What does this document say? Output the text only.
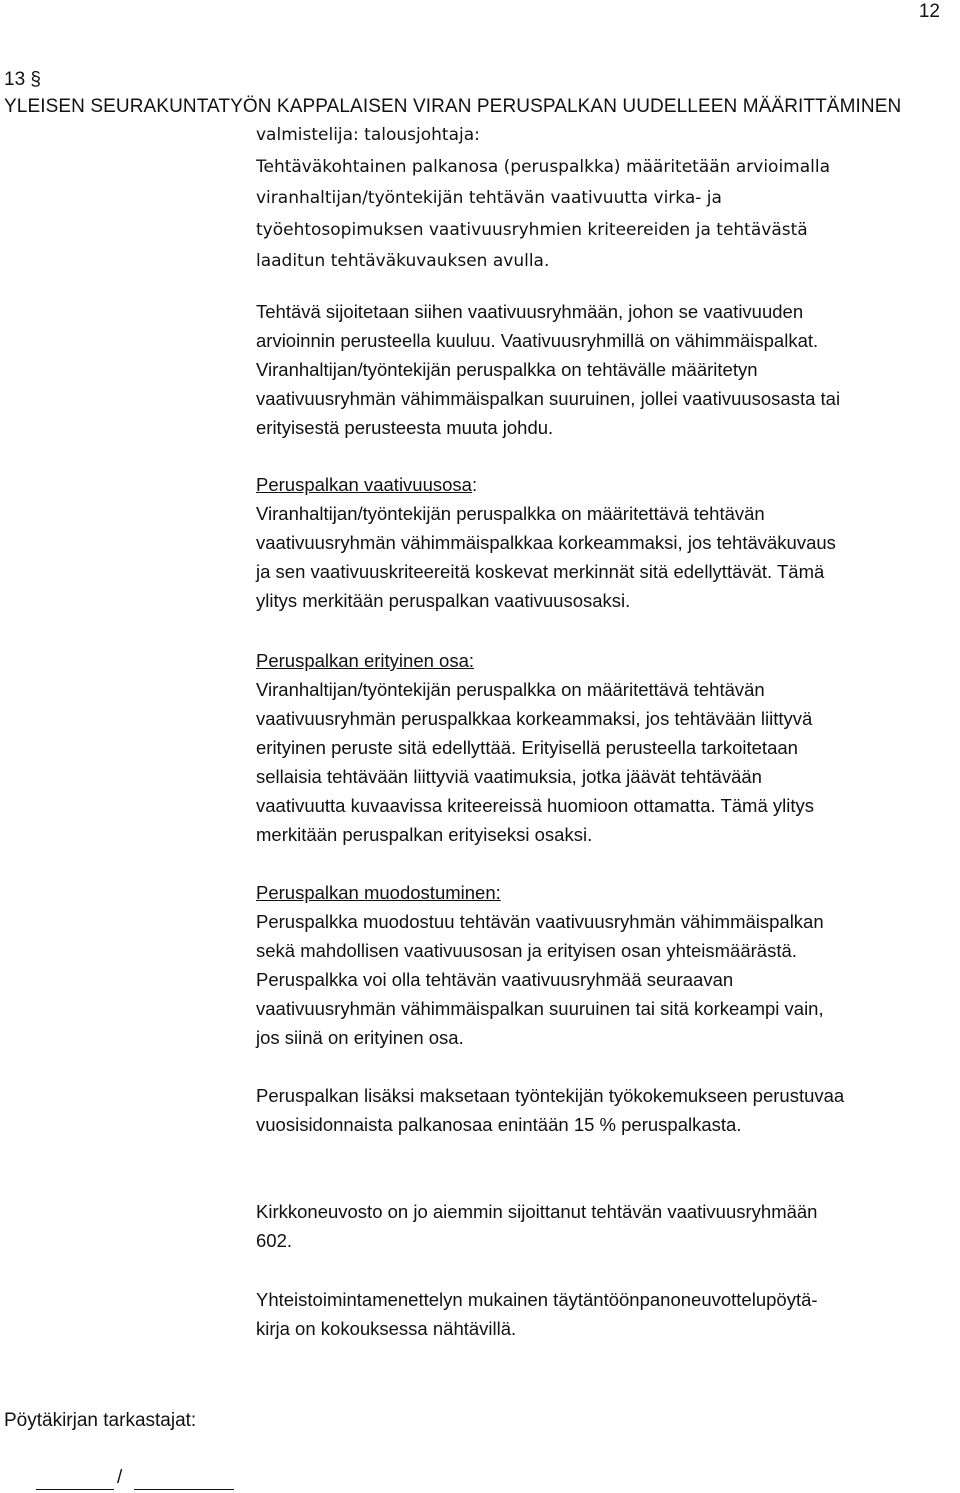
12
13 §
YLEISEN SEURAKUNTATYÖN KAPPALAISEN VIRAN PERUSPALKAN UUDELLEEN MÄÄRITTÄMINEN

valmistelija: talousjohtaja:

Tehtäväkohtainen palkanosa (peruspalkka) määritetään arvioimalla

viranhaltijan/työntekijän tehtävän vaativuutta virka- ja

työehtosopimuksen vaativuusryhmien kriteereiden ja tehtävästä

laaditun tehtäväkuvauksen avulla.

Tehtävä sijoitetaan siihen vaativuusryhmään, johon se vaativuuden

arvioinnin perusteella kuuluu. Vaativuusryhmillä on vähimmäispalkat.

Viranhaltijan/työntekijän peruspalkka on tehtävälle määritetyn

vaativuusryhmän vähimmäispalkan suuruinen, jollei vaativuusosasta tai

erityisestä perusteesta muuta johdu.

Peruspalkan vaativuusosa:

Viranhaltijan/työntekijän peruspalkka on määritettävä tehtävän

vaativuusryhmän vähimmäispalkkaa korkeammaksi, jos tehtäväkuvaus

ja sen vaativuuskriteereitä koskevat merkinnät sitä edellyttävät. Tämä

ylitys merkitään peruspalkan vaativuusosaksi.

Peruspalkan erityinen osa:

Viranhaltijan/työntekijän peruspalkka on määritettävä tehtävän

vaativuusryhmän peruspalkkaa korkeammaksi, jos tehtävään liittyvä

erityinen peruste sitä edellyttää. Erityisellä perusteella tarkoitetaan

sellaisia tehtävään liittyviä vaatimuksia, jotka jäävät tehtävään

vaativuutta kuvaavissa kriteereissä huomioon ottamatta. Tämä ylitys

merkitään peruspalkan erityiseksi osaksi.

Peruspalkan muodostuminen:

Peruspalkka muodostuu tehtävän vaativuusryhmän vähimmäispalkan

sekä mahdollisen vaativuusosan ja erityisen osan yhteismäärästä.

Peruspalkka voi olla tehtävän vaativuusryhmää seuraavan

vaativuusryhmän vähimmäispalkan suuruinen tai sitä korkeampi vain,

jos siinä on erityinen osa.

Peruspalkan lisäksi maksetaan työntekijän työkokemukseen perustuvaa

vuosisidonnaista palkanosaa enintään 15 % peruspalkasta.

Kirkkoneuvosto on jo aiemmin sijoittanut tehtävän vaativuusryhmään

602.

Yhteistoimintamenettelyn mukainen täytäntöönpanoneuvottelupöytä-

kirja on kokouksessa nähtävillä.

Pöytäkirjan tarkastajat:
/
